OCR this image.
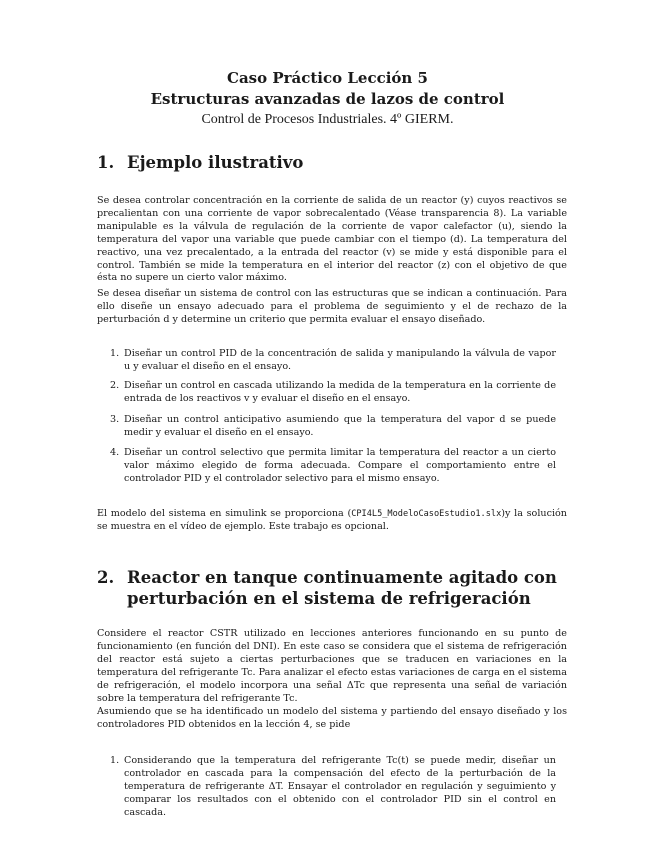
Caso Práctico Lección 5
Estructuras avanzadas de lazos de control
Control de Procesos Industriales. 4º GIERM.
1. Ejemplo ilustrativo

Se desea controlar concentración en la corriente de salida de un reactor (y) cuyos reactivos se precalientan con una corriente de vapor sobrecalentado (Véase transparencia 8). La variable manipulable es la válvula de regulación de la corriente de vapor calefactor (u), siendo la temperatura del vapor una variable que puede cambiar con el tiempo (d). La temperatura del reactivo, una vez precalentado, a la entrada del reactor (v) se mide y está disponible para el control. También se mide la temperatura en el interior del reactor (z) con el objetivo de que ésta no supere un cierto valor máximo.

Se desea diseñar un sistema de control con las estructuras que se indican a continuación. Para ello diseñe un ensayo adecuado para el problema de seguimiento y el de rechazo de la perturbación d y determine un criterio que permita evaluar el ensayo diseñado.

1. Diseñar un control PID de la concentración de salida y manipulando la válvula de vapor u y evaluar el diseño en el ensayo.
2. Diseñar un control en cascada utilizando la medida de la temperatura en la corriente de entrada de los reactivos v y evaluar el diseño en el ensayo.
3. Diseñar un control anticipativo asumiendo que la temperatura del vapor d se puede medir y evaluar el diseño en el ensayo.
4. Diseñar un control selectivo que permita limitar la temperatura del reactor a un cierto valor máximo elegido de forma adecuada. Compare el comportamiento entre el controlador PID y el controlador selectivo para el mismo ensayo.

El modelo del sistema en simulink se proporciona (CPI4L5_ModeloCasoEstudio1.slx)y la solución se muestra en el vídeo de ejemplo. Este trabajo es opcional.

2. Reactor en tanque continuamente agitado con perturbación en el sistema de refrigeración

Considere el reactor CSTR utilizado en lecciones anteriores funcionando en su punto de funcionamiento (en función del DNI). En este caso se considera que el sistema de refrigeración del reactor está sujeto a ciertas perturbaciones que se traducen en variaciones en la temperatura del refrigerante Tc. Para analizar el efecto estas variaciones de carga en el sistema de refrigeración, el modelo incorpora una señal ΔTc que representa una señal de variación sobre la temperatura del refrigerante Tc.

Asumiendo que se ha identificado un modelo del sistema y partiendo del ensayo diseñado y los controladores PID obtenidos en la lección 4, se pide

1. Considerando que la temperatura del refrigerante Tc(t) se puede medir, diseñar un controlador en cascada para la compensación del efecto de la perturbación de la temperatura de refrigerante ΔT. Ensayar el controlador en regulación y seguimiento y comparar los resultados con el obtenido con el controlador PID sin el control en cascada.
